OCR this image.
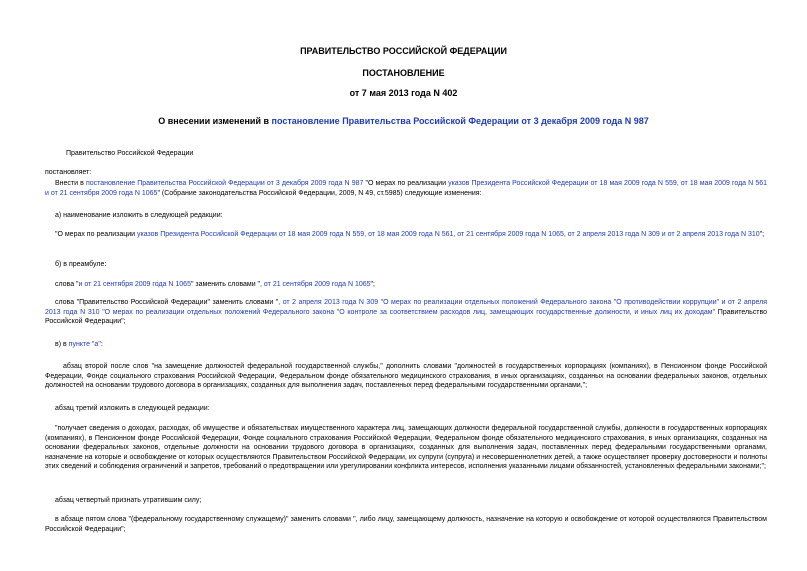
ПРАВИТЕЛЬСТВО РОССИЙСКОЙ ФЕДЕРАЦИИ
ПОСТАНОВЛЕНИЕ
от 7 мая 2013 года N 402
О внесении изменений в постановление Правительства Российской Федерации от 3 декабря 2009 года N 987
Правительство Российской Федерации
постановляет:
Внести в постановление Правительства Российской Федерации от 3 декабря 2009 года N 987 "О мерах по реализации указов Президента Российской Федерации от 18 мая 2009 года N 559, от 18 мая 2009 года N 561 и от 21 сентября 2009 года N 1065" (Собрание законодательства Российской Федерации, 2009, N 49, ст.5985) следующие изменения:
а) наименование изложить в следующей редакции:
"О мерах по реализации указов Президента Российской Федерации от 18 мая 2009 года N 559, от 18 мая 2009 года N 561, от 21 сентября 2009 года N 1065, от 2 апреля 2013 года N 309 и от 2 апреля 2013 года N 310";
б) в преамбуле:
слова "и от 21 сентября 2009 года N 1065" заменить словами ", от 21 сентября 2009 года N 1065";
слова "Правительство Российской Федерации" заменить словами ", от 2 апреля 2013 года N 309 "О мерах по реализации отдельных положений Федерального закона "О противодействии коррупции" и от 2 апреля 2013 года N 310 "О мерах по реализации отдельных положений Федерального закона "О контроле за соответствием расходов лиц, замещающих государственные должности, и иных лиц их доходам" Правительство Российской Федерации";
в) в пункте "а":
абзац второй после слов "на замещение должностей федеральной государственной службы," дополнить словами "должностей в государственных корпорациях (компаниях), в Пенсионном фонде Российской Федерации, Фонде социального страхования Российской Федерации, Федеральном фонде обязательного медицинского страхования, в иных организациях, созданных на основании федеральных законов, отдельных должностей на основании трудового договора в организациях, созданных для выполнения задач, поставленных перед федеральными государственными органами,";
абзац третий изложить в следующей редакции:
"получает сведения о доходах, расходах, об имуществе и обязательствах имущественного характера лиц, замещающих должности федеральной государственной службы, должности в государственных корпорациях (компаниях), в Пенсионном фонде Российской Федерации, Фонде социального страхования Российской Федерации, Федеральном фонде обязательного медицинского страхования, в иных организациях, созданных на основании федеральных законов, отдельные должности на основании трудового договора в организациях, созданных для выполнения задач, поставленных перед федеральными государственными органами, назначение на которые и освобождение от которых осуществляются Правительством Российской Федерации, их супруги (супруга) и несовершеннолетних детей, а также осуществляет проверку достоверности и полноты этих сведений и соблюдения ограничений и запретов, требований о предотвращении или урегулировании конфликта интересов, исполнения указанными лицами обязанностей, установленных федеральными законами;";
абзац четвертый признать утратившим силу;
в абзаце пятом слова "(федеральному государственному служащему)" заменить словами ", либо лицу, замещающему должность, назначение на которую и освобождение от которой осуществляются Правительством Российской Федерации";
